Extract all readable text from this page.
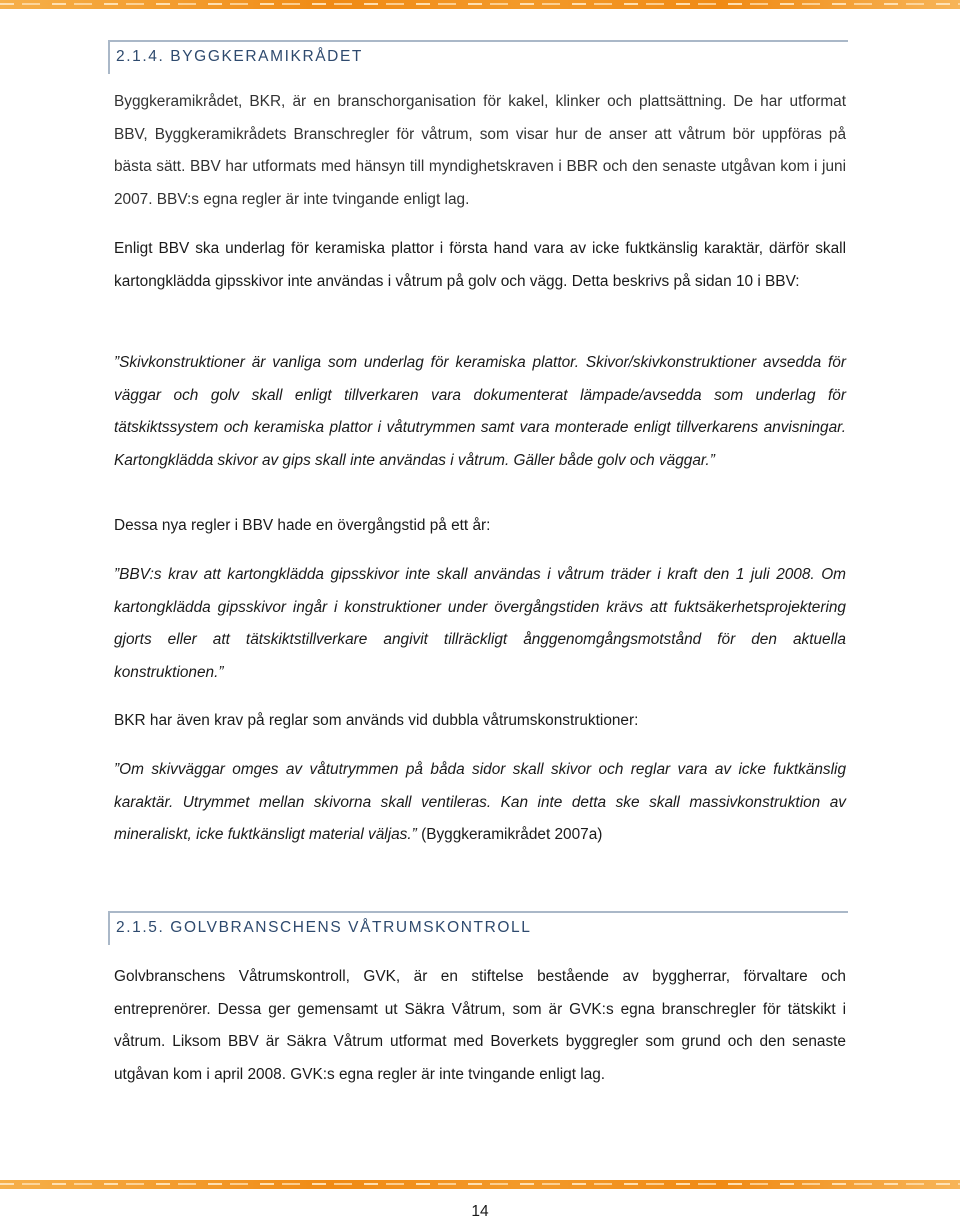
2.1.4. BYGGKERAMIKRÅDET

Byggkeramikrådet, BKR, är en branschorganisation för kakel, klinker och plattsättning. De har utformat BBV, Byggkeramikrådets Branschregler för våtrum, som visar hur de anser att våtrum bör uppföras på bästa sätt. BBV har utformats med hänsyn till myndighetskraven i BBR och den senaste utgåvan kom i juni 2007. BBV:s egna regler är inte tvingande enligt lag.

Enligt BBV ska underlag för keramiska plattor i första hand vara av icke fuktkänslig karaktär, därför skall kartongklädda gipsskivor inte användas i våtrum på golv och vägg. Detta beskrivs på sidan 10 i BBV:

”Skivkonstruktioner är vanliga som underlag för keramiska plattor. Skivor/skivkonstruktioner avsedda för väggar och golv skall enligt tillverkaren vara dokumenterat lämpade/avsedda som underlag för tätskiktssystem och keramiska plattor i våtutrymmen samt vara monterade enligt tillverkarens anvisningar. Kartongklädda skivor av gips skall inte användas i våtrum. Gäller både golv och väggar.”

Dessa nya regler i BBV hade en övergångstid på ett år:

”BBV:s krav att kartongklädda gipsskivor inte skall användas i våtrum träder i kraft den 1 juli 2008. Om kartongklädda gipsskivor ingår i konstruktioner under övergångstiden krävs att fuktsäkerhetsprojektering gjorts eller att tätskiktstillverkare angivit tillräckligt ånggenomgångsmotstånd för den aktuella konstruktionen.”

BKR har även krav på reglar som används vid dubbla våtrumskonstruktioner:

”Om skivväggar omges av våtutrymmen på båda sidor skall skivor och reglar vara av icke fuktkänslig karaktär. Utrymmet mellan skivorna skall ventileras. Kan inte detta ske skall massivkonstruktion av mineraliskt, icke fuktkänsligt material väljas.” (Byggkeramikrådet 2007a)

2.1.5. GOLVBRANSCHENS VÅTRUMSKONTROLL

Golvbranschens Våtrumskontroll, GVK, är en stiftelse bestående av byggherrar, förvaltare och entreprenörer. Dessa ger gemensamt ut Säkra Våtrum, som är GVK:s egna branschregler för tätskikt i våtrum. Liksom BBV är Säkra Våtrum utformat med Boverkets byggregler som grund och den senaste utgåvan kom i april 2008. GVK:s egna regler är inte tvingande enligt lag.

14
